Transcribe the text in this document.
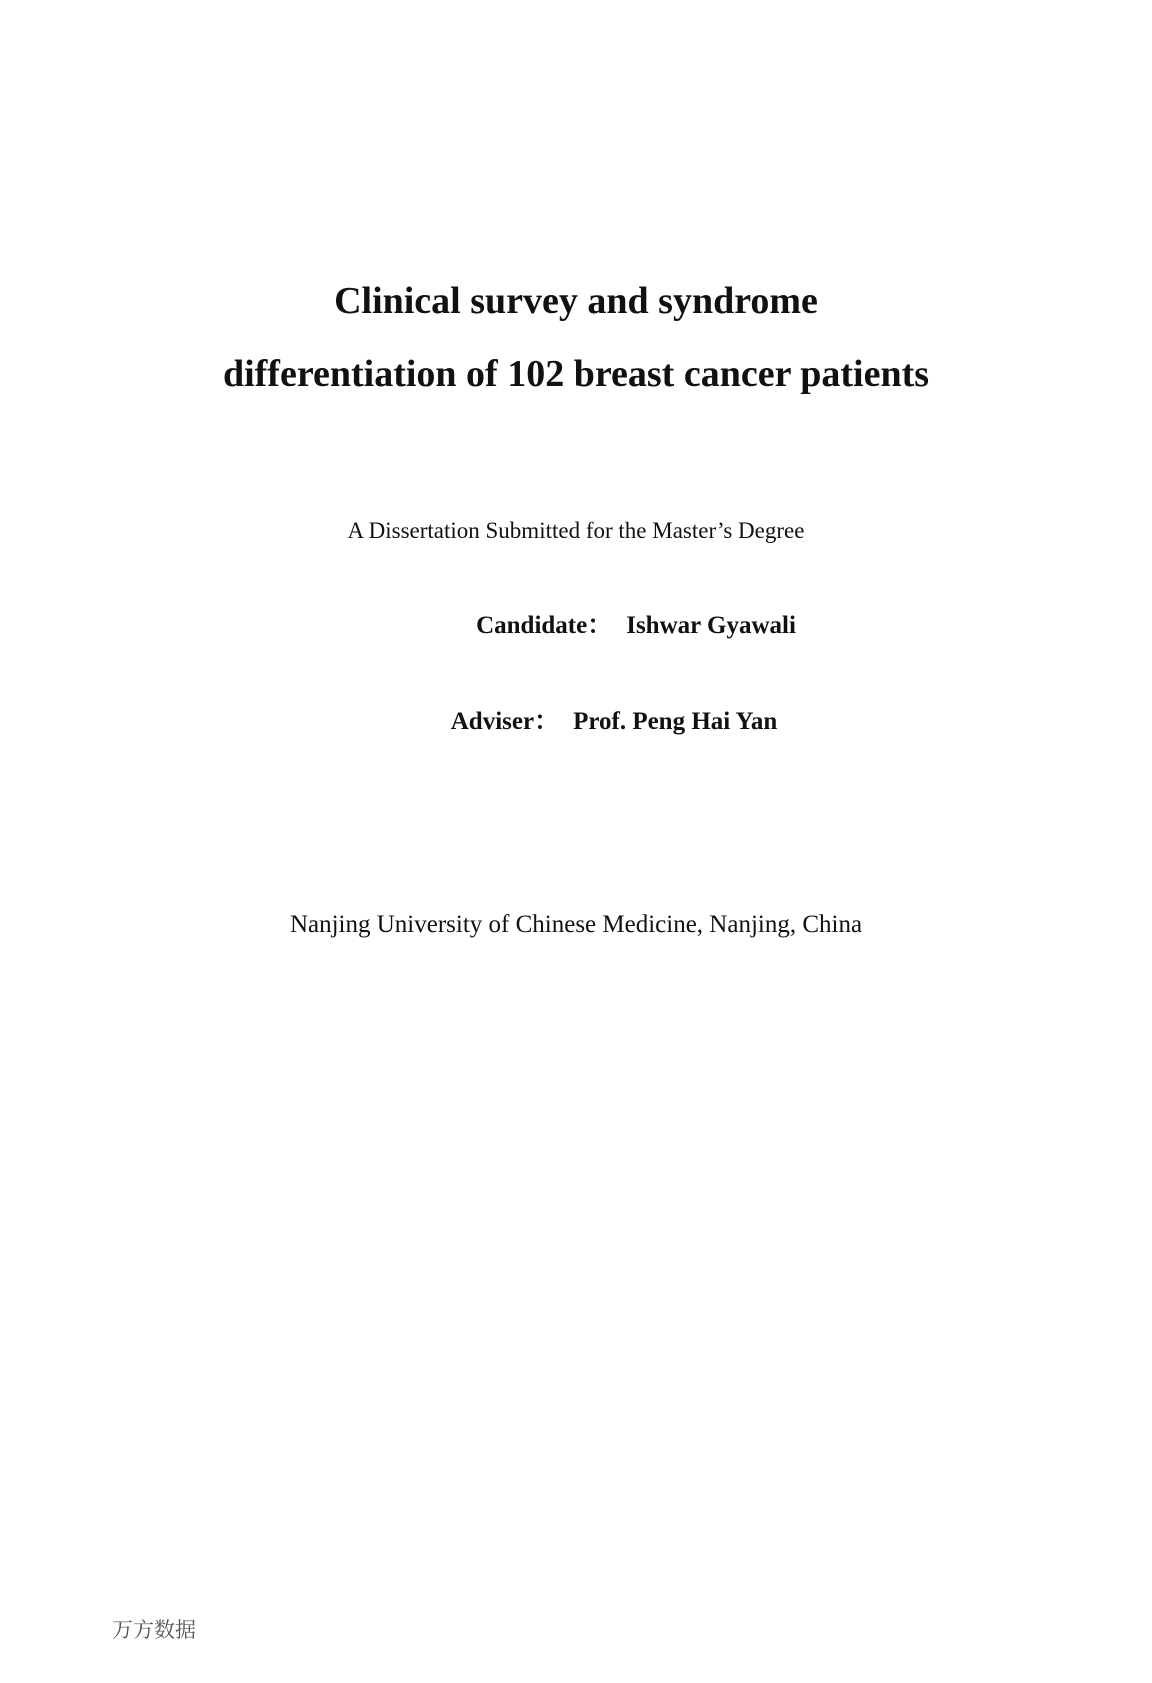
Clinical survey and syndrome
differentiation of 102 breast cancer patients
A Dissertation Submitted for the Master’s Degree
Candidate： Ishwar Gyawali
Adviser： Prof. Peng Hai Yan
Nanjing University of Chinese Medicine, Nanjing, China
万方数据
